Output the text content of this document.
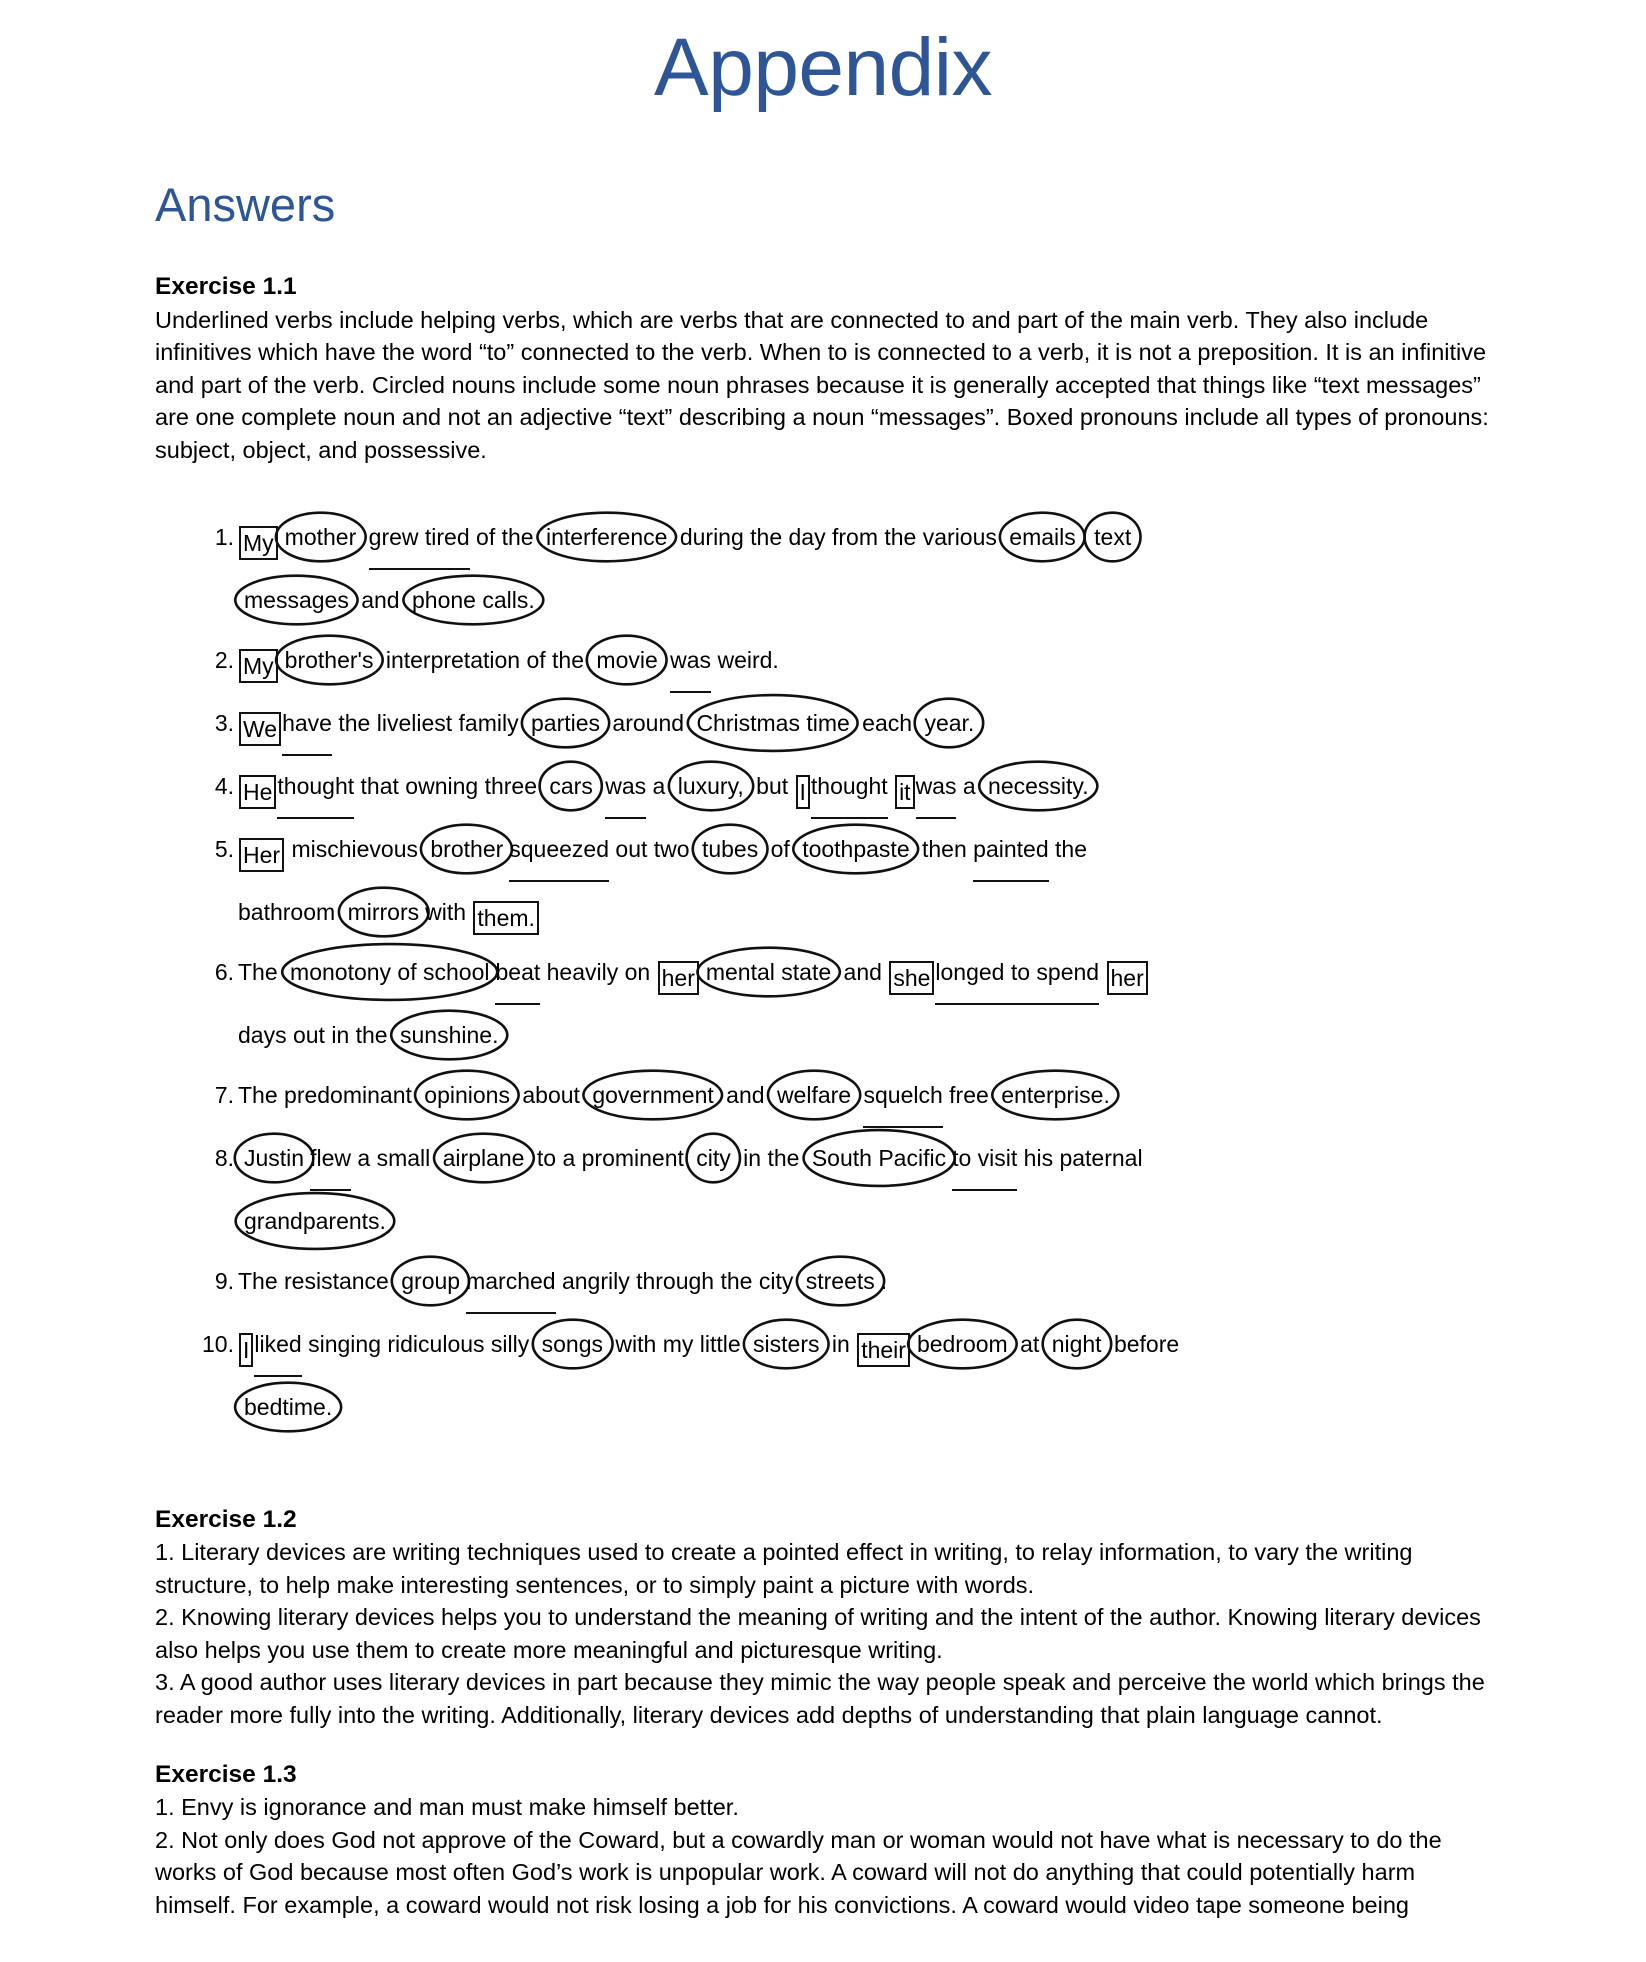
Appendix
Answers
Exercise 1.1

Underlined verbs include helping verbs, which are verbs that are connected to and part of the main verb. They also include infinitives which have the word “to” connected to the verb. When to is connected to a verb, it is not a preposition. It is an infinitive and part of the verb. Circled nouns include some noun phrases because it is generally accepted that things like “text messages” are one complete noun and not an adjective “text” describing a noun “messages”. Boxed pronouns include all types of pronouns: subject, object, and possessive.

1. My mother grew tired of the
interference during the day from the various
emails text
messages and
phone calls.
2. My brother's interpretation of the
movie was weird.
3. We have the liveliest family
parties around
Christmas time each
year.
4. He thought that owning three
cars was a
luxury, but I thought it was a
necessity.
5. Her mischievous
brother squeezed out two
tubes of
toothpaste then painted the
bathroom
mirrors with them.
6. The
monotony of school beat heavily on her mental state and she longed to spend her
days out in the
sunshine.
7. The predominant
opinions about
government and
welfare squelch free
enterprise.
8. Justin flew a small
airplane to a prominent
city in the
South Pacific to visit his paternal
grandparents.
9. The resistance
group marched angrily through the city
streets .
10. I liked singing ridiculous silly
songs with my little
sisters in their bedroom at
night before
bedtime.
Exercise 1.2

1. Literary devices are writing techniques used to create a pointed effect in writing, to relay information, to vary the writing structure, to help make interesting sentences, or to simply paint a picture with words.

2. Knowing literary devices helps you to understand the meaning of writing and the intent of the author. Knowing literary devices also helps you use them to create more meaningful and picturesque writing.

3. A good author uses literary devices in part because they mimic the way people speak and perceive the world which brings the reader more fully into the writing. Additionally, literary devices add depths of understanding that plain language cannot.

Exercise 1.3

1. Envy is ignorance and man must make himself better.

2. Not only does God not approve of the Coward, but a cowardly man or woman would not have what is necessary to do the works of God because most often God’s work is unpopular work. A coward will not do anything that could potentially harm himself. For example, a coward would not risk losing a job for his convictions. A coward would video tape someone being
